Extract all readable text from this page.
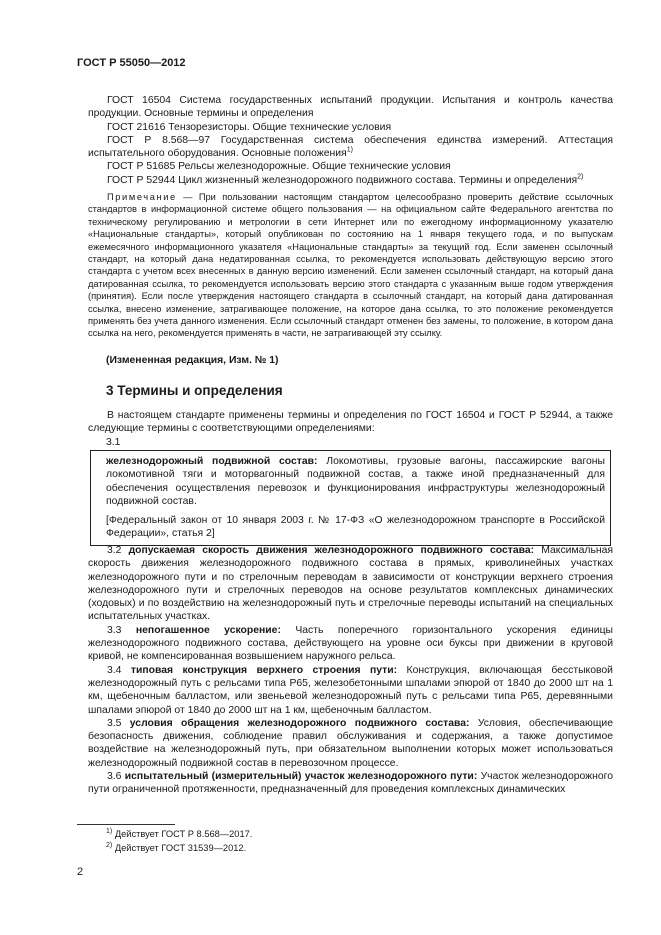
ГОСТ Р 55050—2012

ГОСТ 16504 Система государственных испытаний продукции. Испытания и контроль качества продукции. Основные термины и определения

ГОСТ 21616 Тензорезисторы. Общие технические условия

ГОСТ Р 8.568—97 Государственная система обеспечения единства измерений. Аттестация испытательного оборудования. Основные положения$^{1)}$

ГОСТ Р 51685 Рельсы железнодорожные. Общие технические условия

ГОСТ Р 52944 Цикл жизненный железнодорожного подвижного состава. Термины и определения$^{2)}$

Примечание — При пользовании настоящим стандартом целесообразно проверить действие ссылочных стандартов в информационной системе общего пользования — на официальном сайте Федерального агентства по техническому регулированию и метрологии в сети Интернет или по ежегодному информационному указателю «Национальные стандарты», который опубликован по состоянию на 1 января текущего года, и по выпускам ежемесячного информационного указателя «Национальные стандарты» за текущий год. Если заменен ссылочный стандарт, на который дана недатированная ссылка, то рекомендуется использовать действующую версию этого стандарта с учетом всех внесенных в данную версию изменений. Если заменен ссылочный стандарт, на который дана датированная ссылка, то рекомендуется использовать версию этого стандарта с указанным выше годом утверждения (принятия). Если после утверждения настоящего стандарта в ссылочный стандарт, на который дана датированная ссылка, внесено изменение, затрагивающее положение, на которое дана ссылка, то это положение рекомендуется применять без учета данного изменения. Если ссылочный стандарт отменен без замены, то положение, в котором дана ссылка на него, рекомендуется применять в части, не затрагивающей эту ссылку.
(Измененная редакция, Изм. № 1)
3 Термины и определения
В настоящем стандарте применены термины и определения по ГОСТ 16504 и ГОСТ Р 52944, а также следующие термины с соответствующими определениями:
3.1
железнодорожный подвижной состав: Локомотивы, грузовые вагоны, пассажирские вагоны локомотивной тяги и моторвагонный подвижной состав, а также иной предназначенный для обеспечения осуществления перевозок и функционирования инфраструктуры железнодорожный подвижной состав.
[Федеральный закон от 10 января 2003 г. № 17-ФЗ «О железнодорожном транспорте в Российской Федерации», статья 2]

3.2 допускаемая скорость движения железнодорожного подвижного состава: Максимальная скорость движения железнодорожного подвижного состава в прямых, криволинейных участках железнодорожного пути и по стрелочным переводам в зависимости от конструкции верхнего строения железнодорожного пути и стрелочных переводов на основе результатов комплексных динамических (ходовых) и по воздействию на железнодорожный путь и стрелочные переводы испытаний на специальных испытательных участках.

3.3 непогашенное ускорение: Часть поперечного горизонтального ускорения единицы железнодорожного подвижного состава, действующего на уровне оси буксы при движении в круговой кривой, не компенсированная возвышением наружного рельса.

3.4 типовая конструкция верхнего строения пути: Конструкция, включающая бесстыковой железнодорожный путь с рельсами типа Р65, железобетонными шпалами эпюрой от 1840 до 2000 шт на 1 км, щебеночным балластом, или звеньевой железнодорожный путь с рельсами типа Р65, деревянными шпалами эпюрой от 1840 до 2000 шт на 1 км, щебеночным балластом.

3.5 условия обращения железнодорожного подвижного состава: Условия, обеспечивающие безопасность движения, соблюдение правил обслуживания и содержания, а также допустимое воздействие на железнодорожный путь, при обязательном выполнении которых может использоваться железнодорожный подвижной состав в перевозочном процессе.

3.6 испытательный (измерительный) участок железнодорожного пути: Участок железнодорожного пути ограниченной протяженности, предназначенный для проведения комплексных динамических

$^{1)}$ Действует ГОСТ Р 8.568—2017.
$^{2)}$ Действует ГОСТ 31539—2012.
2
